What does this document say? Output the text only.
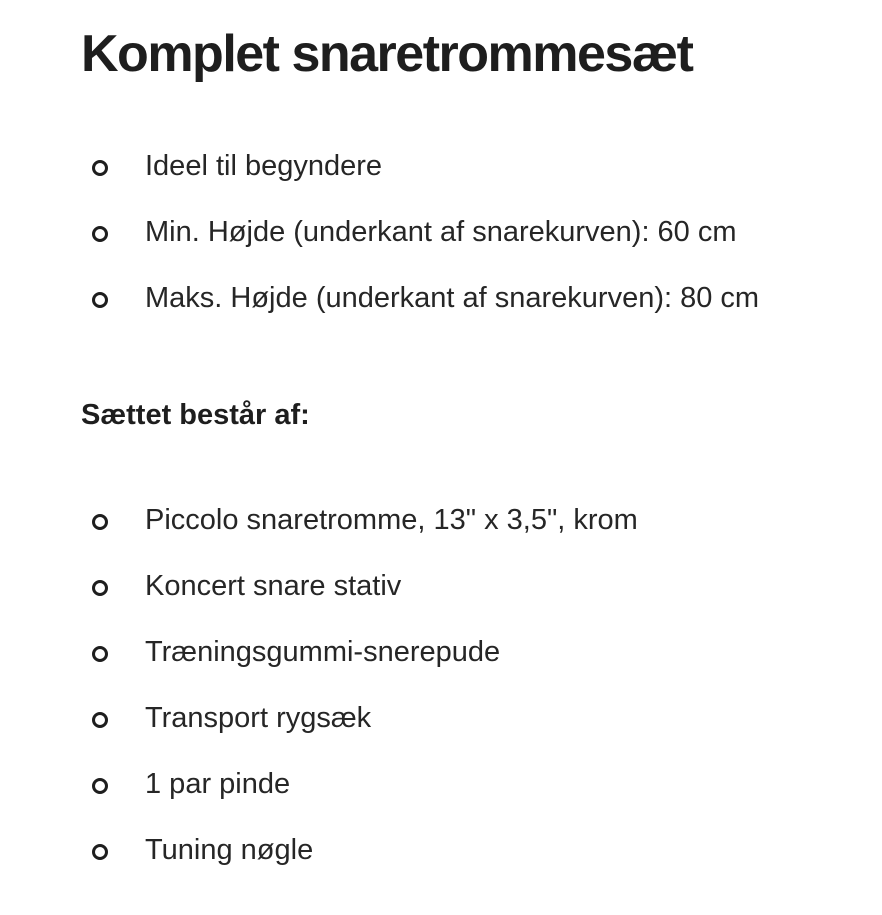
Komplet snaretrommesæt
Ideel til begyndere
Min. Højde (underkant af snarekurven): 60 cm
Maks. Højde (underkant af snarekurven): 80 cm
Sættet består af:
Piccolo snaretromme, 13" x 3,5", krom
Koncert snare stativ
Træningsgummi-snerepude
Transport rygsæk
1 par pinde
Tuning nøgle
